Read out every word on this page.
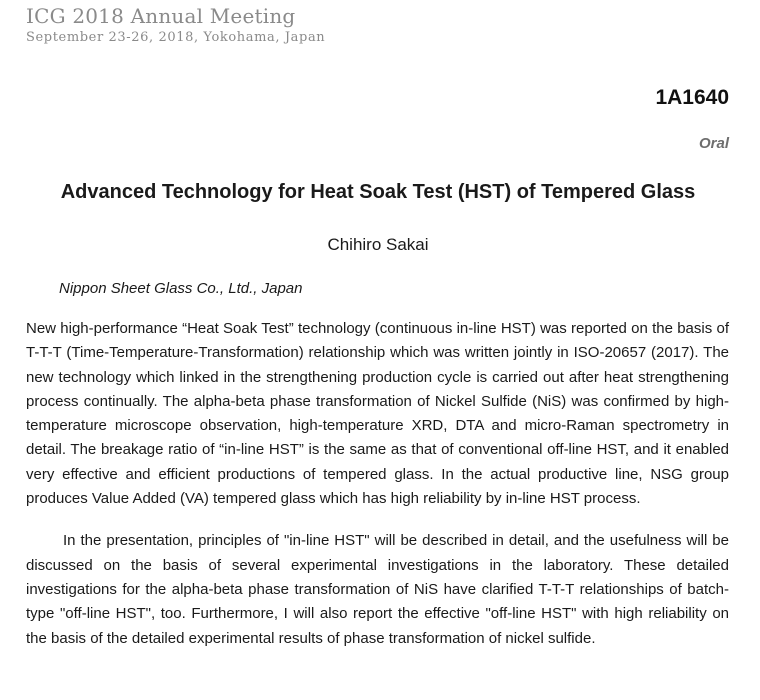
ICG 2018 Annual Meeting
September 23-26, 2018, Yokohama, Japan
1A1640
Oral
Advanced Technology for Heat Soak Test (HST) of Tempered Glass
Chihiro Sakai
Nippon Sheet Glass Co., Ltd., Japan

New high-performance “Heat Soak Test” technology (continuous in-line HST) was reported on the basis of T-T-T (Time-Temperature-Transformation) relationship which was written jointly in ISO-20657 (2017). The new technology which linked in the strengthening production cycle is carried out after heat strengthening process continually. The alpha-beta phase transformation of Nickel Sulfide (NiS) was confirmed by high-temperature microscope observation, high-temperature XRD, DTA and micro-Raman spectrometry in detail. The breakage ratio of “in-line HST” is the same as that of conventional off-line HST, and it enabled very effective and efficient productions of tempered glass. In the actual productive line, NSG group produces Value Added (VA) tempered glass which has high reliability by in-line HST process.

In the presentation, principles of "in-line HST" will be described in detail, and the usefulness will be discussed on the basis of several experimental investigations in the laboratory. These detailed investigations for the alpha-beta phase transformation of NiS have clarified T-T-T relationships of batch-type "off-line HST", too. Furthermore, I will also report the effective "off-line HST" with high reliability on the basis of the detailed experimental results of phase transformation of nickel sulfide.
